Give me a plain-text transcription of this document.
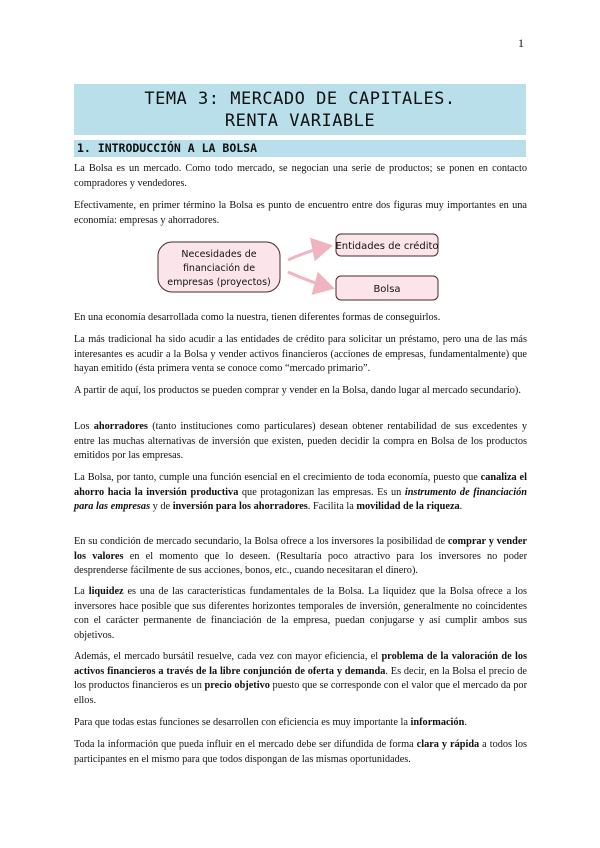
1
TEMA 3: MERCADO DE CAPITALES.
RENTA VARIABLE
1. INTRODUCCIÓN A LA BOLSA

La Bolsa es un mercado. Como todo mercado, se negocian una serie de productos; se ponen en contacto compradores y vendedores.

Efectivamente, en primer término la Bolsa es punto de encuentro entre dos figuras muy importantes en una economía: empresas y ahorradores.

Necesidades de
financiación de
empresas (proyectos)
Entidades de crédito
Bolsa

En una economía desarrollada como la nuestra, tienen diferentes formas de conseguirlos.

La más tradicional ha sido acudir a las entidades de crédito para solicitar un préstamo, pero una de las más interesantes es acudir a la Bolsa y vender activos financieros (acciones de empresas, fundamentalmente) que hayan emitido (ésta primera venta se conoce como “mercado primario”.

A partir de aquí, los productos se pueden comprar y vender en la Bolsa, dando lugar al mercado secundario).

Los ahorradores (tanto instituciones como particulares) desean obtener rentabilidad de sus excedentes y entre las muchas alternativas de inversión que existen, pueden decidir la compra en Bolsa de los productos emitidos por las empresas.

La Bolsa, por tanto, cumple una función esencial en el crecimiento de toda economía, puesto que canaliza el ahorro hacia la inversión productiva que protagonizan las empresas. Es un instrumento de financiación para las empresas y de inversión para los ahorradores. Facilita la movilidad de la riqueza.

En su condición de mercado secundario, la Bolsa ofrece a los inversores la posibilidad de comprar y vender los valores en el momento que lo deseen. (Resultaría poco atractivo para los inversores no poder desprenderse fácilmente de sus acciones, bonos, etc., cuando necesitaran el dinero).

La liquidez es una de las características fundamentales de la Bolsa. La liquidez que la Bolsa ofrece a los inversores hace posible que sus diferentes horizontes temporales de inversión, generalmente no coincidentes con el carácter permanente de financiación de la empresa, puedan conjugarse y así cumplir ambos sus objetivos.

Además, el mercado bursátil resuelve, cada vez con mayor eficiencia, el problema de la valoración de los activos financieros a través de la libre conjunción de oferta y demanda. Es decir, en la Bolsa el precio de los productos financieros es un precio objetivo puesto que se corresponde con el valor que el mercado da por ellos.

Para que todas estas funciones se desarrollen con eficiencia es muy importante la información.

Toda la información que pueda influir en el mercado debe ser difundida de forma clara y rápida a todos los participantes en el mismo para que todos dispongan de las mismas oportunidades.
